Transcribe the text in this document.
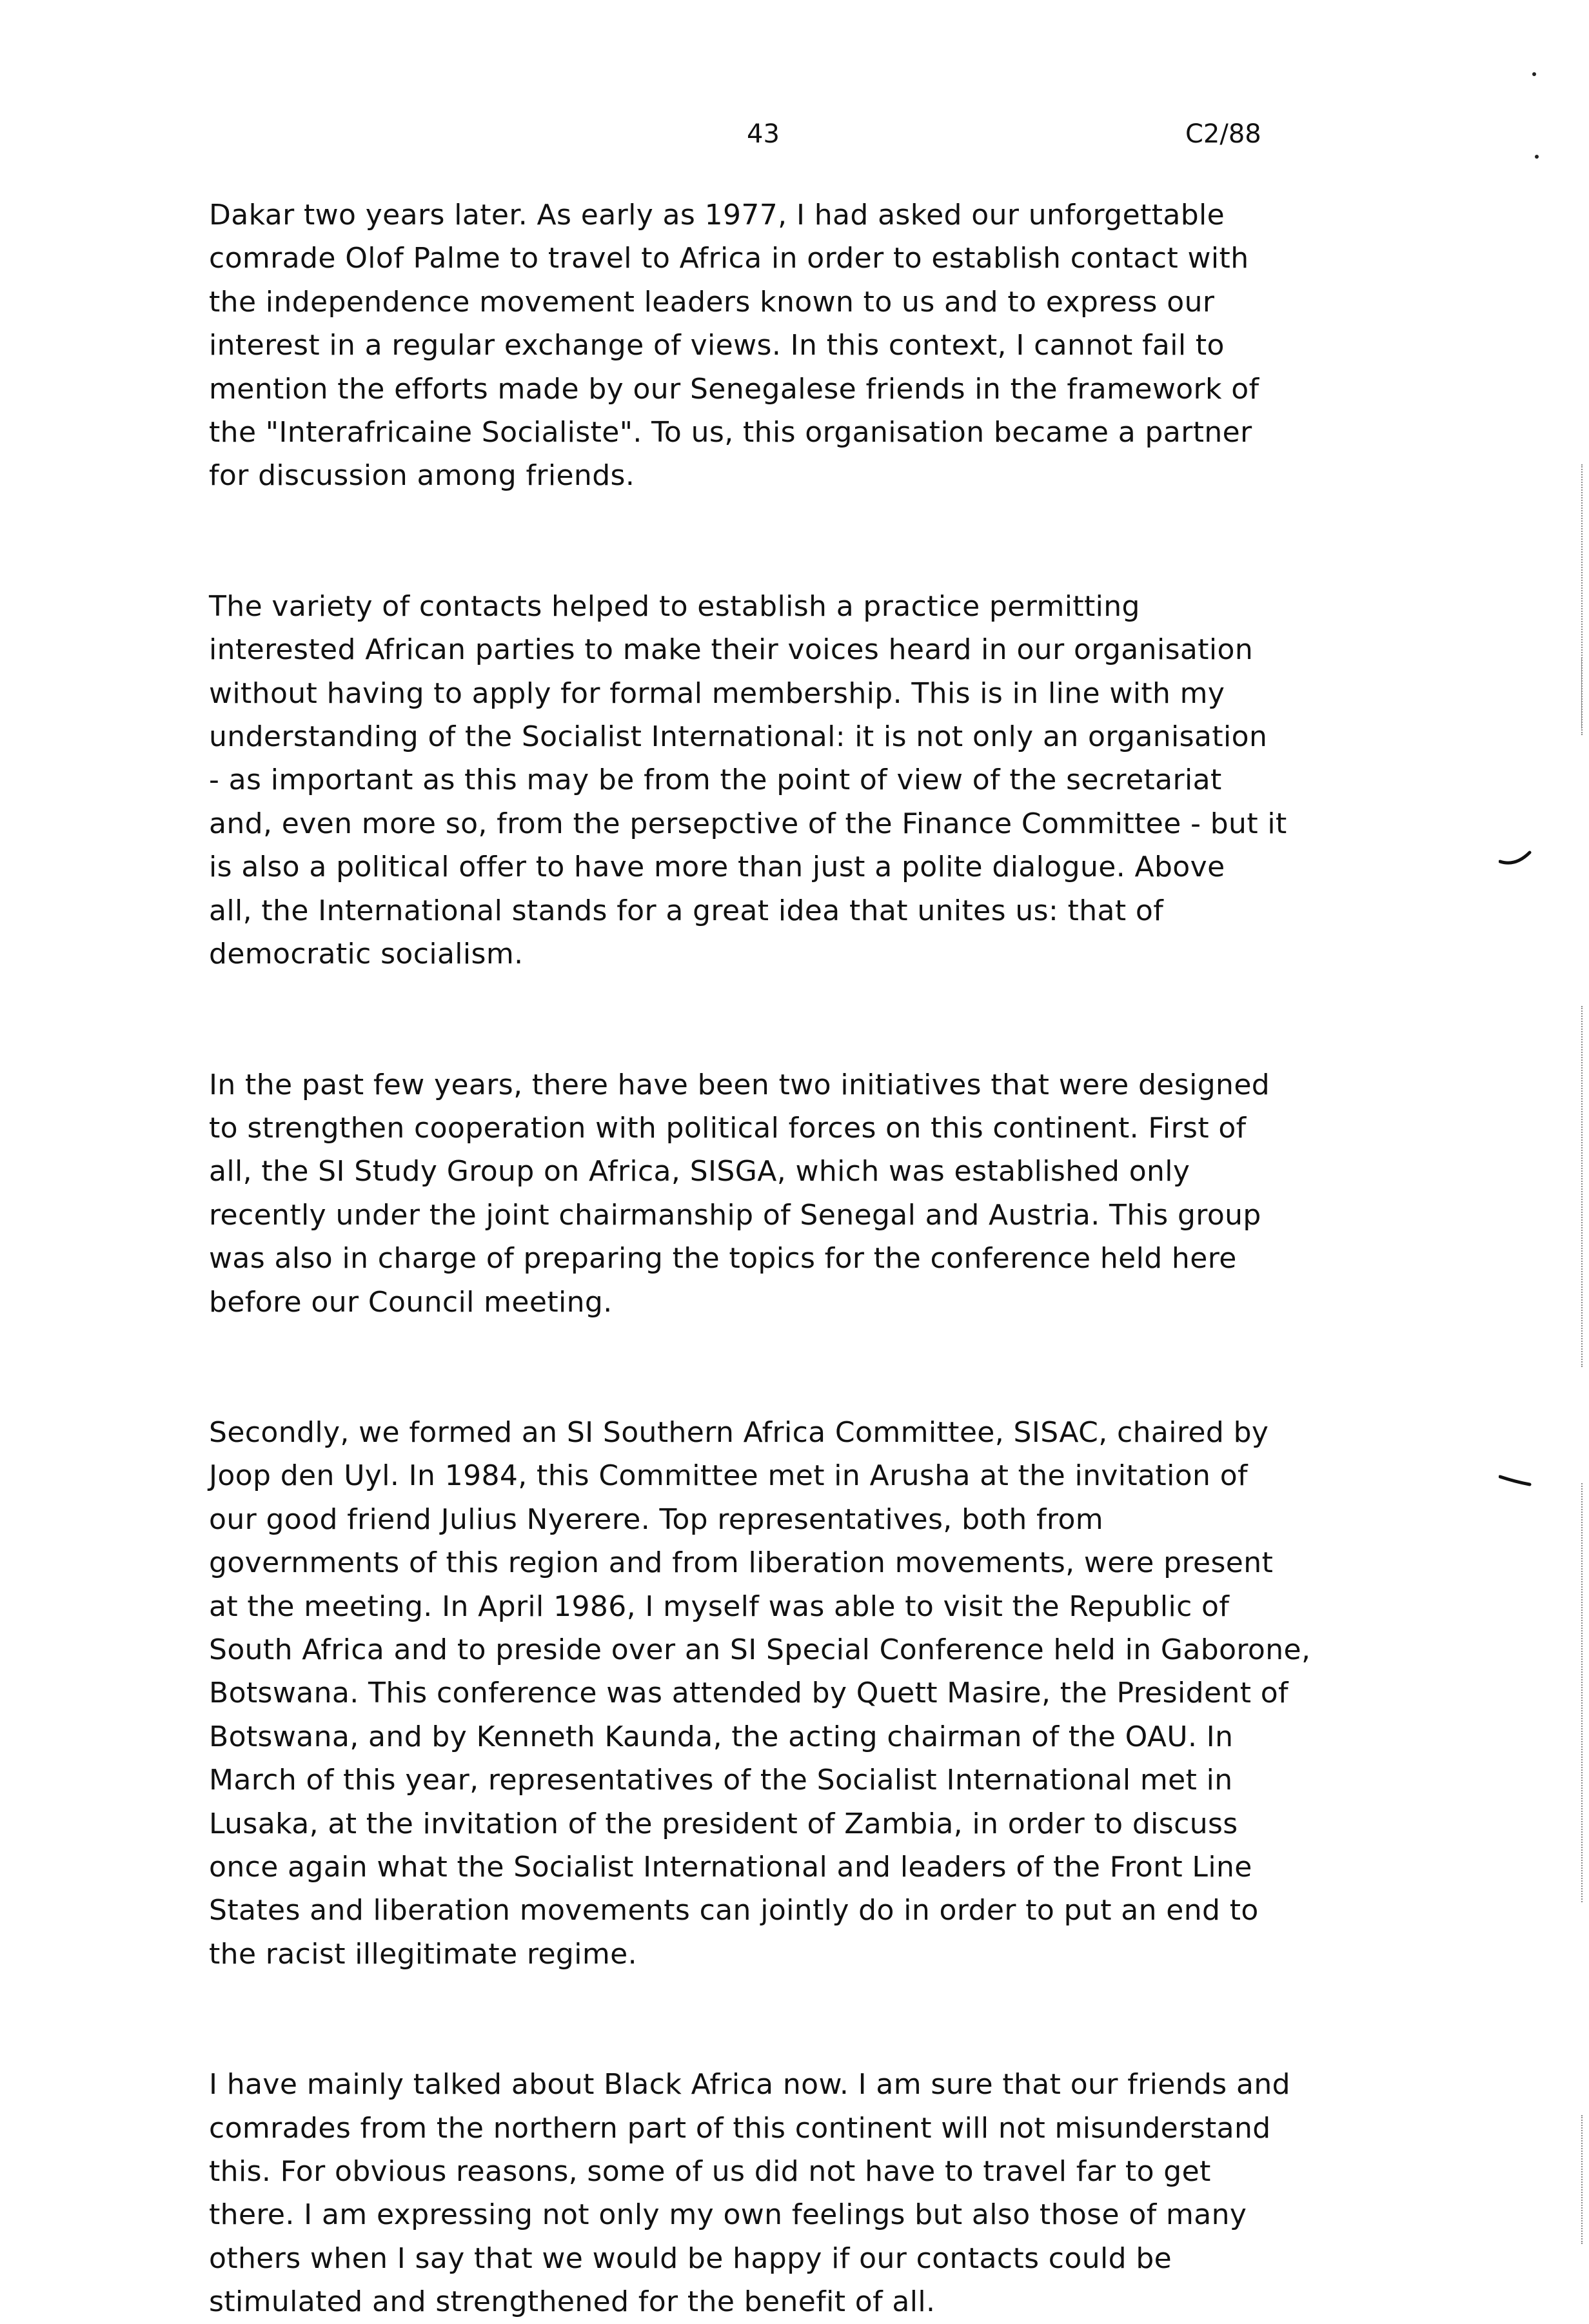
43	C2/88

Dakar two years later. As early as 1977, I had asked our unforgettable
comrade Olof Palme to travel to Africa in order to establish contact with
the independence movement leaders known to us and to express our
interest in a regular exchange of views. In this context, I cannot fail to
mention the efforts made by our Senegalese friends in the framework of
the "Interafricaine Socialiste". To us, this organisation became a partner
for discussion among friends.

The variety of contacts helped to establish a practice permitting
interested African parties to make their voices heard in our organisation
without having to apply for formal membership. This is in line with my
understanding of the Socialist International: it is not only an organisation
- as important as this may be from the point of view of the secretariat
and, even more so, from the persepctive of the Finance Committee - but it
is also a political offer to have more than just a polite dialogue. Above
all, the International stands for a great idea that unites us: that of
democratic socialism.

In the past few years, there have been two initiatives that were designed
to strengthen cooperation with political forces on this continent. First of
all, the SI Study Group on Africa, SISGA, which was established only
recently under the joint chairmanship of Senegal and Austria. This group
was also in charge of preparing the topics for the conference held here
before our Council meeting.

Secondly, we formed an SI Southern Africa Committee, SISAC, chaired by
Joop den Uyl. In 1984, this Committee met in Arusha at the invitation of
our good friend Julius Nyerere. Top representatives, both from
governments of this region and from liberation movements, were present
at the meeting. In April 1986, I myself was able to visit the Republic of
South Africa and to preside over an SI Special Conference held in Gaborone,
Botswana. This conference was attended by Quett Masire, the President of
Botswana, and by Kenneth Kaunda, the acting chairman of the OAU. In
March of this year, representatives of the Socialist International met in
Lusaka, at the invitation of the president of Zambia, in order to discuss
once again what the Socialist International and leaders of the Front Line
States and liberation movements can jointly do in order to put an end to
the racist illegitimate regime.

I have mainly talked about Black Africa now. I am sure that our friends and
comrades from the northern part of this continent will not misunderstand
this. For obvious reasons, some of us did not have to travel far to get
there. I am expressing not only my own feelings but also those of many
others when I say that we would be happy if our contacts could be
stimulated and strengthened for the benefit of all.
